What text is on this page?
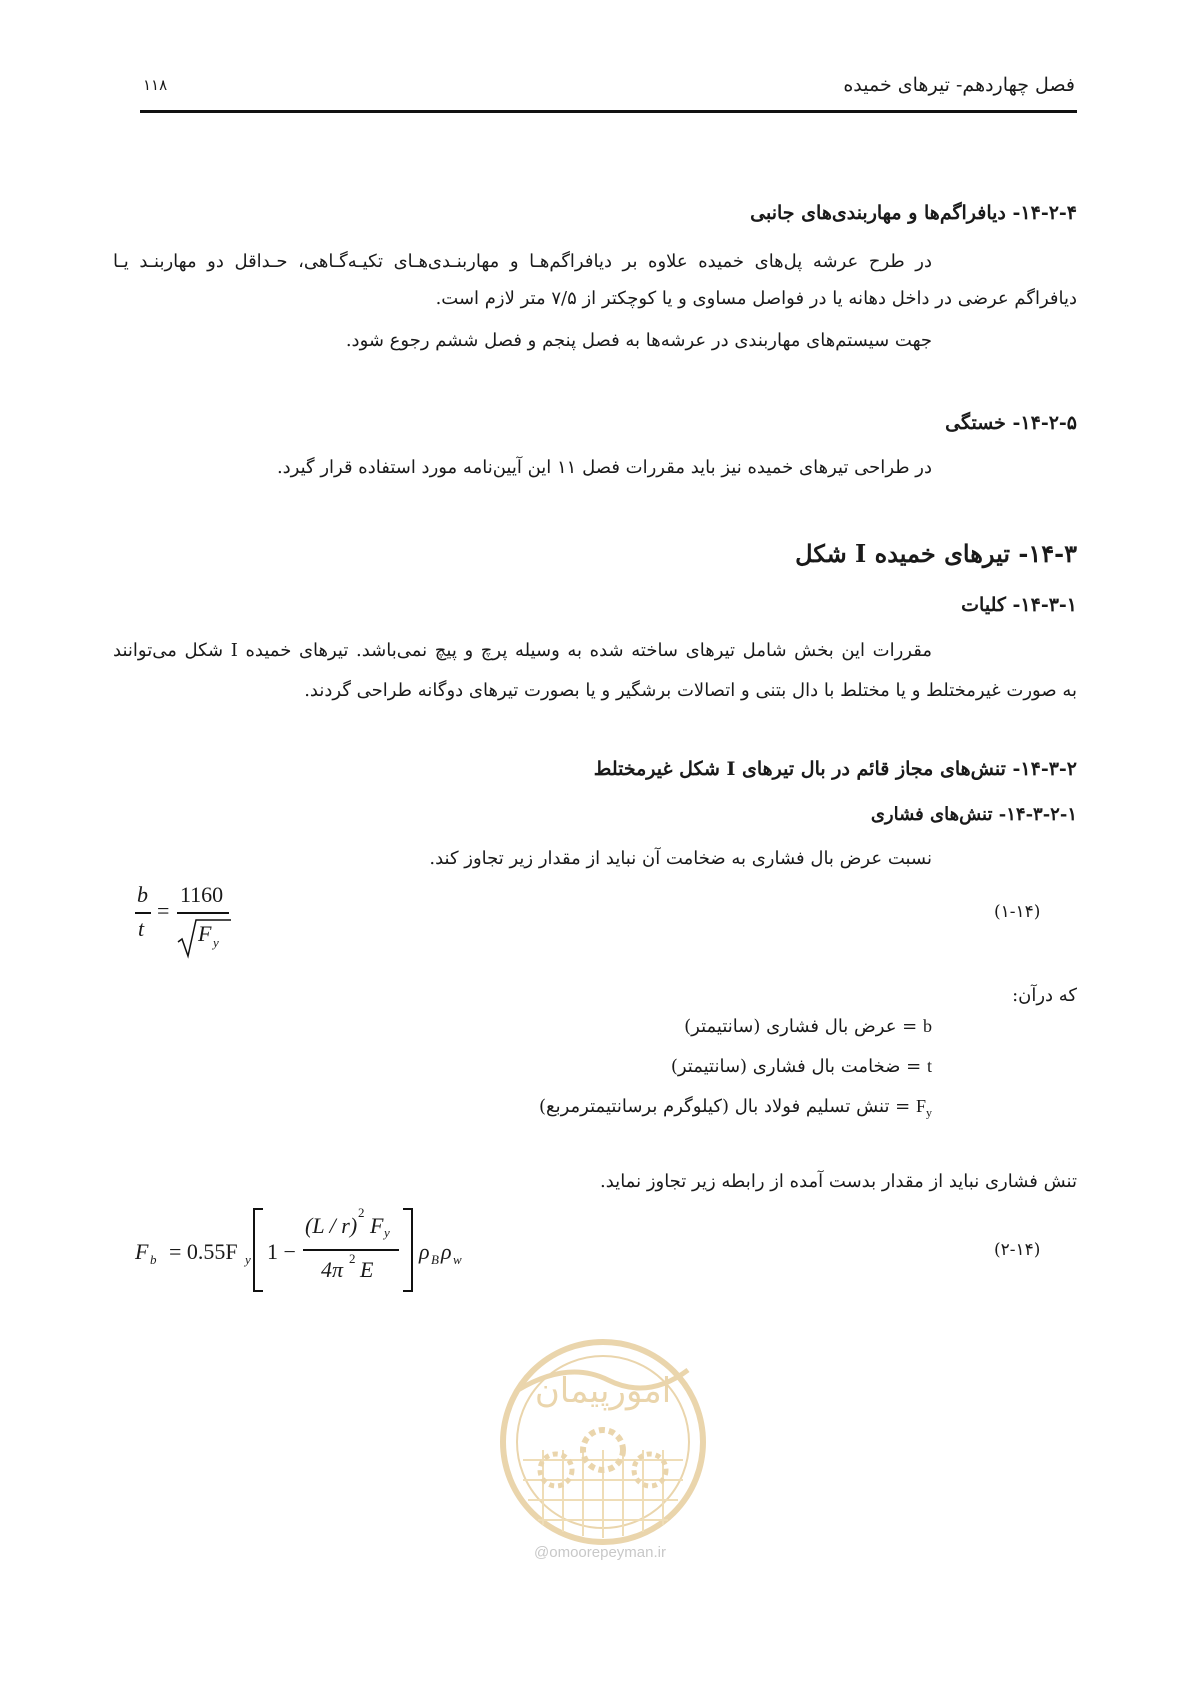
فصل چهاردهم- تیرهای خمیده
۱۱۸
۱۴-۲-۴- دیافراگم‌ها و مهاربندی‌های جانبی
در طرح عرشه پل‌های خمیده علاوه بر دیافراگم‌هـا و مهاربنـدی‌هـای تکیـه‌گـاهی، حـداقل دو مهاربنـد یـا
دیافراگم عرضی در داخل دهانه یا در فواصل مساوی و یا کوچکتر از ۷/۵ متر لازم است.
جهت سیستم‌های مهاربندی در عرشه‌ها به فصل پنجم و فصل ششم رجوع شود.
۱۴-۲-۵- خستگی
در طراحی تیرهای خمیده نیز باید مقررات فصل ۱۱ این آیین‌نامه مورد استفاده قرار گیرد.
۱۴-۳- تیرهای خمیده I شکل
۱۴-۳-۱- کلیات
مقررات این بخش شامل تیرهای ساخته شده به وسیله پرچ و پیچ نمی‌باشد. تیرهای خمیده I شکل می‌توانند
به صورت غیرمختلط و یا مختلط با دال بتنی و اتصالات برشگیر و یا بصورت تیرهای دوگانه طراحی گردند.
۱۴-۳-۲- تنش‌های مجاز قائم در بال تیرهای I شکل غیرمختلط
۱۴-۳-۲-۱- تنش‌های فشاری
نسبت عرض بال فشاری به ضخامت آن نباید از مقدار زیر تجاوز کند.
b
t
=
1160
F y
(۱-۱۴)
که درآن:
b = عرض بال فشاری (سانتیمتر)
t = ضخامت بال فشاری (سانتیمتر)
$F_y$ = تنش تسلیم فولاد بال (کیلوگرم برسانتیمترمربع)
تنش فشاری نباید از مقدار بدست آمده از رابطه زیر تجاوز نماید.
F b = 0.55F y 1 −
(L / r)
2
F y
4π 2 E
ρ B ρ w	(۲-۱۴)
امورپیمان
@omoorepeyman.ir
